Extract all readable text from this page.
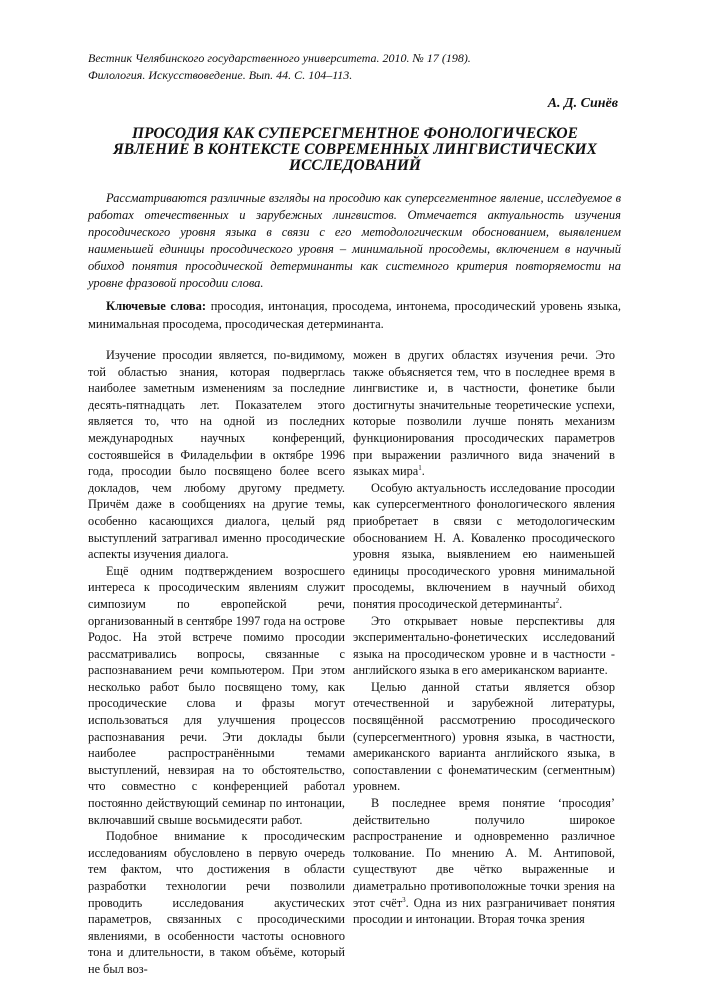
Вестник Челябинского государственного университета. 2010. № 17 (198).
Филология. Искусствоведение. Вып. 44. С. 104–113.
А. Д. Синёв
ПРОСОДИЯ КАК СУПЕРСЕГМЕНТНОЕ ФОНОЛОГИЧЕСКОЕ ЯВЛЕНИЕ В КОНТЕКСТЕ СОВРЕМЕННЫХ ЛИНГВИСТИЧЕСКИХ ИССЛЕДОВАНИЙ
Рассматриваются различные взгляды на просодию как суперсегментное явление, исследуемое в работах отечественных и зарубежных лингвистов. Отмечается актуальность изучения просодического уровня языка в связи с его методологическим обоснованием, выявлением наименьшей единицы просодического уровня – минимальной просодемы, включением в научный обиход понятия просодической детерминанты как системного критерия повторяемости на уровне фразовой просодии слова.
Ключевые слова: просодия, интонация, просодема, интонема, просодический уровень языка, минимальная просодема, просодическая детерминанта.

Изучение просодии является, по-видимому, той областью знания, которая подверглась наиболее заметным изменениям за последние десять-пятнадцать лет. Показателем этого является то, что на одной из последних международных научных конференций, состоявшейся в Филадельфии в октябре 1996 года, просодии было посвящено более всего докладов, чем любому другому предмету. Причём даже в сообщениях на другие темы, особенно касающихся диалога, целый ряд выступлений затрагивал именно просодические аспекты изучения диалога.

Ещё одним подтверждением возросшего интереса к просодическим явлениям служит симпозиум по европейской речи, организованный в сентябре 1997 года на острове Родос. На этой встрече помимо просодии рассматривались вопросы, связанные с распознаванием речи компьютером. При этом несколько работ было посвящено тому, как просодические слова и фразы могут использоваться для улучшения процессов распознавания речи. Эти доклады были наиболее распространёнными темами выступлений, невзирая на то обстоятельство, что совместно с конференцией работал постоянно действующий семинар по интонации, включавший свыше восьмидесяти работ.

Подобное внимание к просодическим исследованиям обусловлено в первую очередь тем фактом, что достижения в области разработки технологии речи позволили проводить исследования акустических параметров, связанных с просодическими явлениями, в особенности частоты основного тона и длительности, в таком объёме, который не был воз-

можен в других областях изучения речи. Это также объясняется тем, что в последнее время в лингвистике и, в частности, фонетике были достигнуты значительные теоретические успехи, которые позволили лучше понять механизм функционирования просодических параметров при выражении различного вида значений в языках мира$^1$.

Особую актуальность исследование просодии как суперсегментного фонологического явления приобретает в связи с методологическим обоснованием Н. А. Коваленко просодического уровня языка, выявлением ею наименьшей единицы просодического уровня минимальной просодемы, включением в научный обиход понятия просодической детерминанты$^2$.

Это открывает новые перспективы для экспериментально-фонетических исследований языка на просодическом уровне и в частности - английского языка в его американском варианте.

Целью данной статьи является обзор отечественной и зарубежной литературы, посвящённой рассмотрению просодического (суперсегментного) уровня языка, в частности, американского варианта английского языка, в сопоставлении с фонематическим (сегментным) уровнем.

В последнее время понятие ‘просодия’ действительно получило широкое распространение и одновременно различное толкование. По мнению А. М. Антиповой, существуют две чётко выраженные и диаметрально противоположные точки зрения на этот счёт$^3$. Одна из них разграничивает понятия просодии и интонации. Вторая точка зрения
